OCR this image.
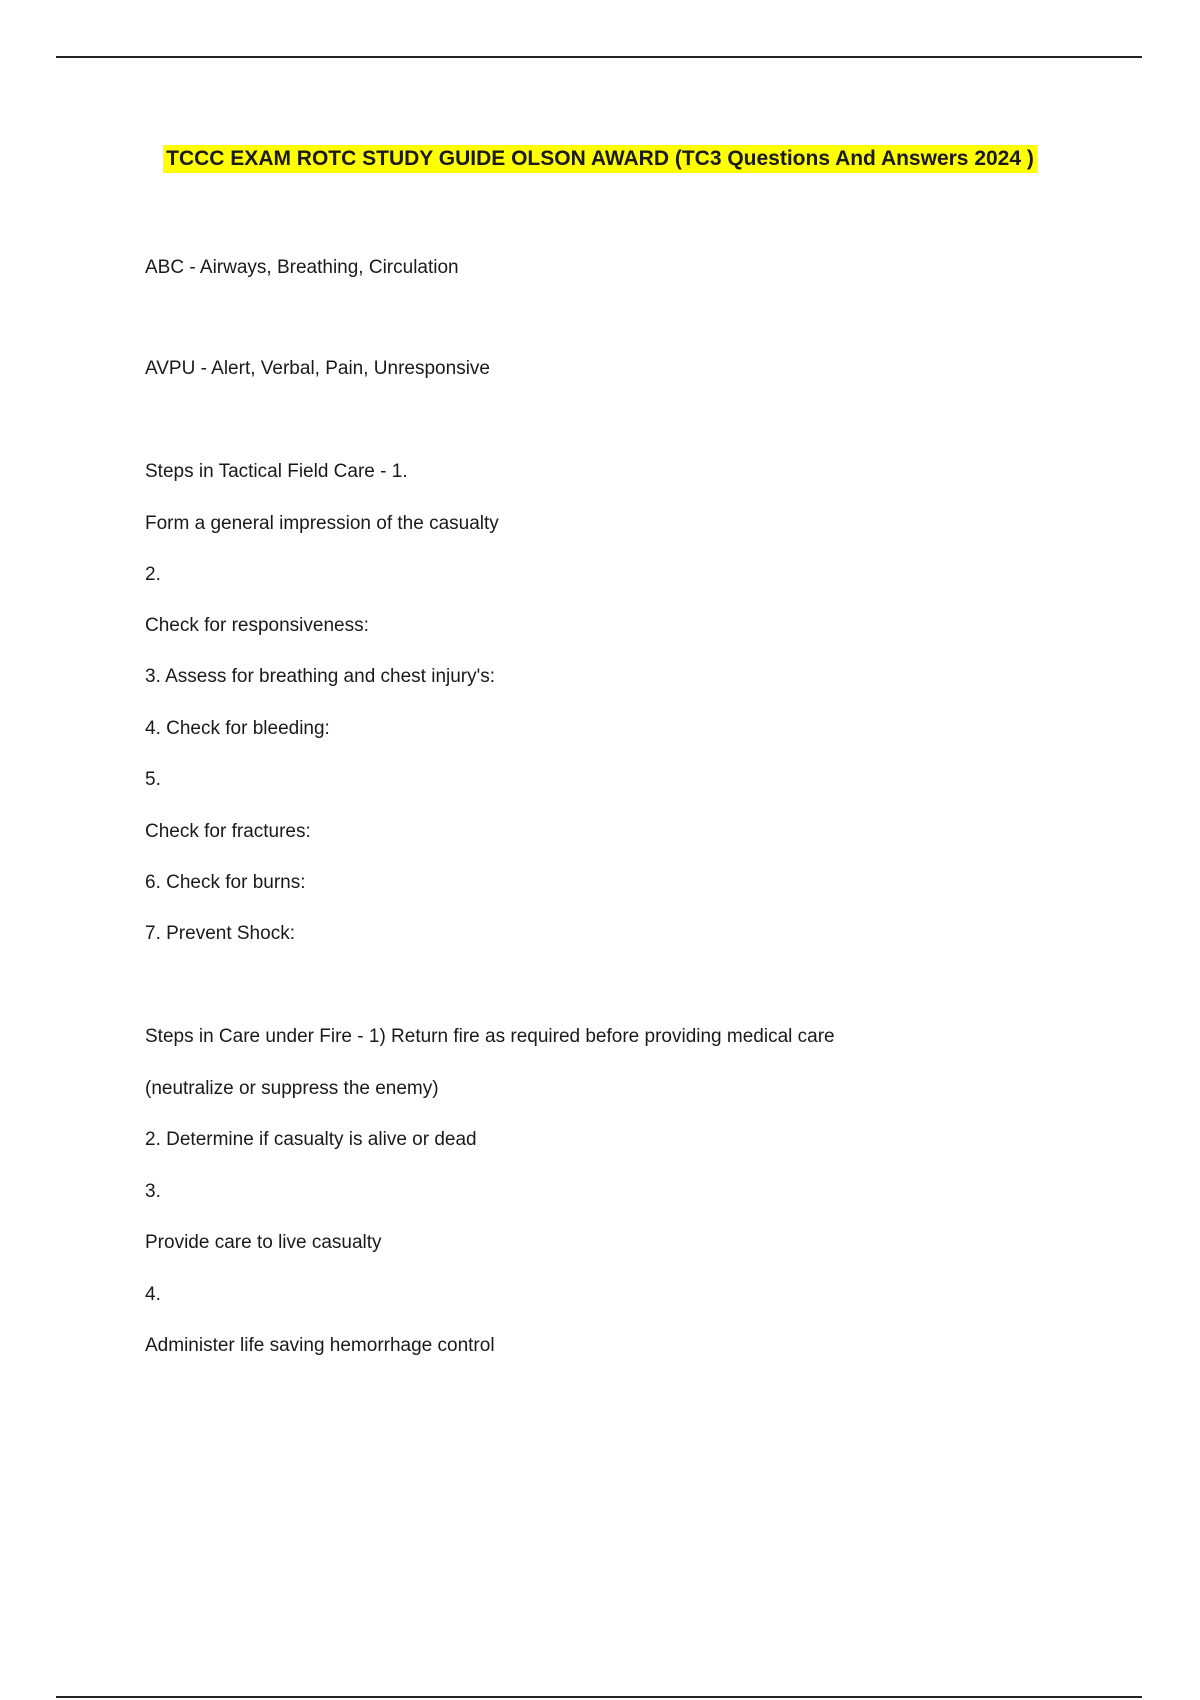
TCCC EXAM ROTC STUDY GUIDE OLSON AWARD (TC3 Questions And Answers 2024 )
ABC - Airways, Breathing, Circulation
AVPU - Alert, Verbal, Pain, Unresponsive
Steps in Tactical Field Care - 1.
Form a general impression of the casualty
2.
Check for responsiveness:
3. Assess for breathing and chest injury's:
4. Check for bleeding:
5.
Check for fractures:
6. Check for burns:
7. Prevent Shock:
Steps in Care under Fire - 1) Return fire as required before providing medical care
(neutralize or suppress the enemy)
2. Determine if casualty is alive or dead
3.
Provide care to live casualty
4.
Administer life saving hemorrhage control
